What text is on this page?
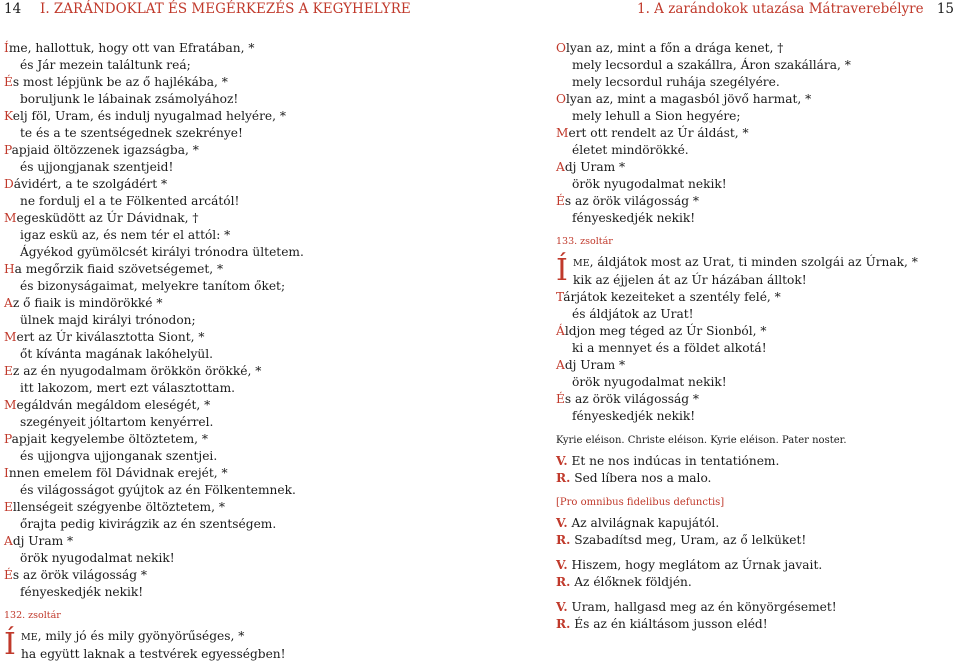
14 I. ZARÁNDOKLAT ÉS MEGÉRKEZÉS A KEGYHELYRE	1. A zarándokok utazása Mátraverebélyre 15
Íme, hallottuk, hogy ott van Efratában, *
és Jár mezein találtunk reá;
És most lépjünk be az ő hajlékába, *
boruljunk le lábainak zsámolyához!
Kelj föl, Uram, és indulj nyugalmad helyére, *
te és a te szentségednek szekrénye!
Papjaid öltözzenek igazságba, *
és ujjongjanak szentjeid!
Dávidért, a te szolgádért *
ne fordulj el a te Fölkented arcától!
Megesküdött az Úr Dávidnak, †
igaz eskü az, és nem tér el attól: *
Ágyékod gyümölcsét királyi trónodra ültetem.
Ha megőrzik fiaid szövetségemet, *
és bizonyságaimat, melyekre tanítom őket;
Az ő fiaik is mindörökké *
ülnek majd királyi trónodon;
Mert az Úr kiválasztotta Siont, *
őt kívánta magának lakóhelyül.
Ez az én nyugodalmam örökkön örökké, *
itt lakozom, mert ezt választottam.
Megáldván megáldom eleségét, *
szegényeit jóltartom kenyérrel.
Papjait kegyelembe öltöztetem, *
és ujjongva ujjonganak szentjei.
Innen emelem föl Dávidnak erejét, *
és világosságot gyújtok az én Fölkentemnek.
Ellenségeit szégyenbe öltöztetem, *
őrajta pedig kivirágzik az én szentségem.
Adj Uram *
örök nyugodalmat nekik!
És az örök világosság *
fényeskedjék nekik!
132. zsoltár
Í ME, mily jó és mily gyönyörűséges, *
ha együtt laknak a testvérek egyességben!
Olyan az, mint a főn a drága kenet, †
mely lecsordul a szakállra, Áron szakállára, *
mely lecsordul ruhája szegélyére.
Olyan az, mint a magasból jövő harmat, *
mely lehull a Sion hegyére;
Mert ott rendelt az Úr áldást, *
életet mindörökké.
Adj Uram *
örök nyugodalmat nekik!
És az örök világosság *
fényeskedjék nekik!
133. zsoltár
Í ME, áldjátok most az Urat, ti minden szolgái az Úrnak, *
kik az éjjelen át az Úr házában álltok!
Tárjátok kezeiteket a szentély felé, *
és áldjátok az Urat!
Áldjon meg téged az Úr Sionból, *
ki a mennyet és a földet alkotá!
Adj Uram *
örök nyugodalmat nekik!
És az örök világosság *
fényeskedjék nekik!
Kyrie eléison. Christe eléison. Kyrie eléison. Pater noster.
V. Et ne nos indúcas in tentatiónem.
R. Sed líbera nos a malo.
[Pro omnibus fidelibus defunctis]
V. Az alvilágnak kapujától.
R. Szabadítsd meg, Uram, az ő lelküket!
V. Hiszem, hogy meglátom az Úrnak javait.
R. Az élőknek földjén.
V. Uram, hallgasd meg az én könyörgésemet!
R. És az én kiáltásom jusson eléd!
